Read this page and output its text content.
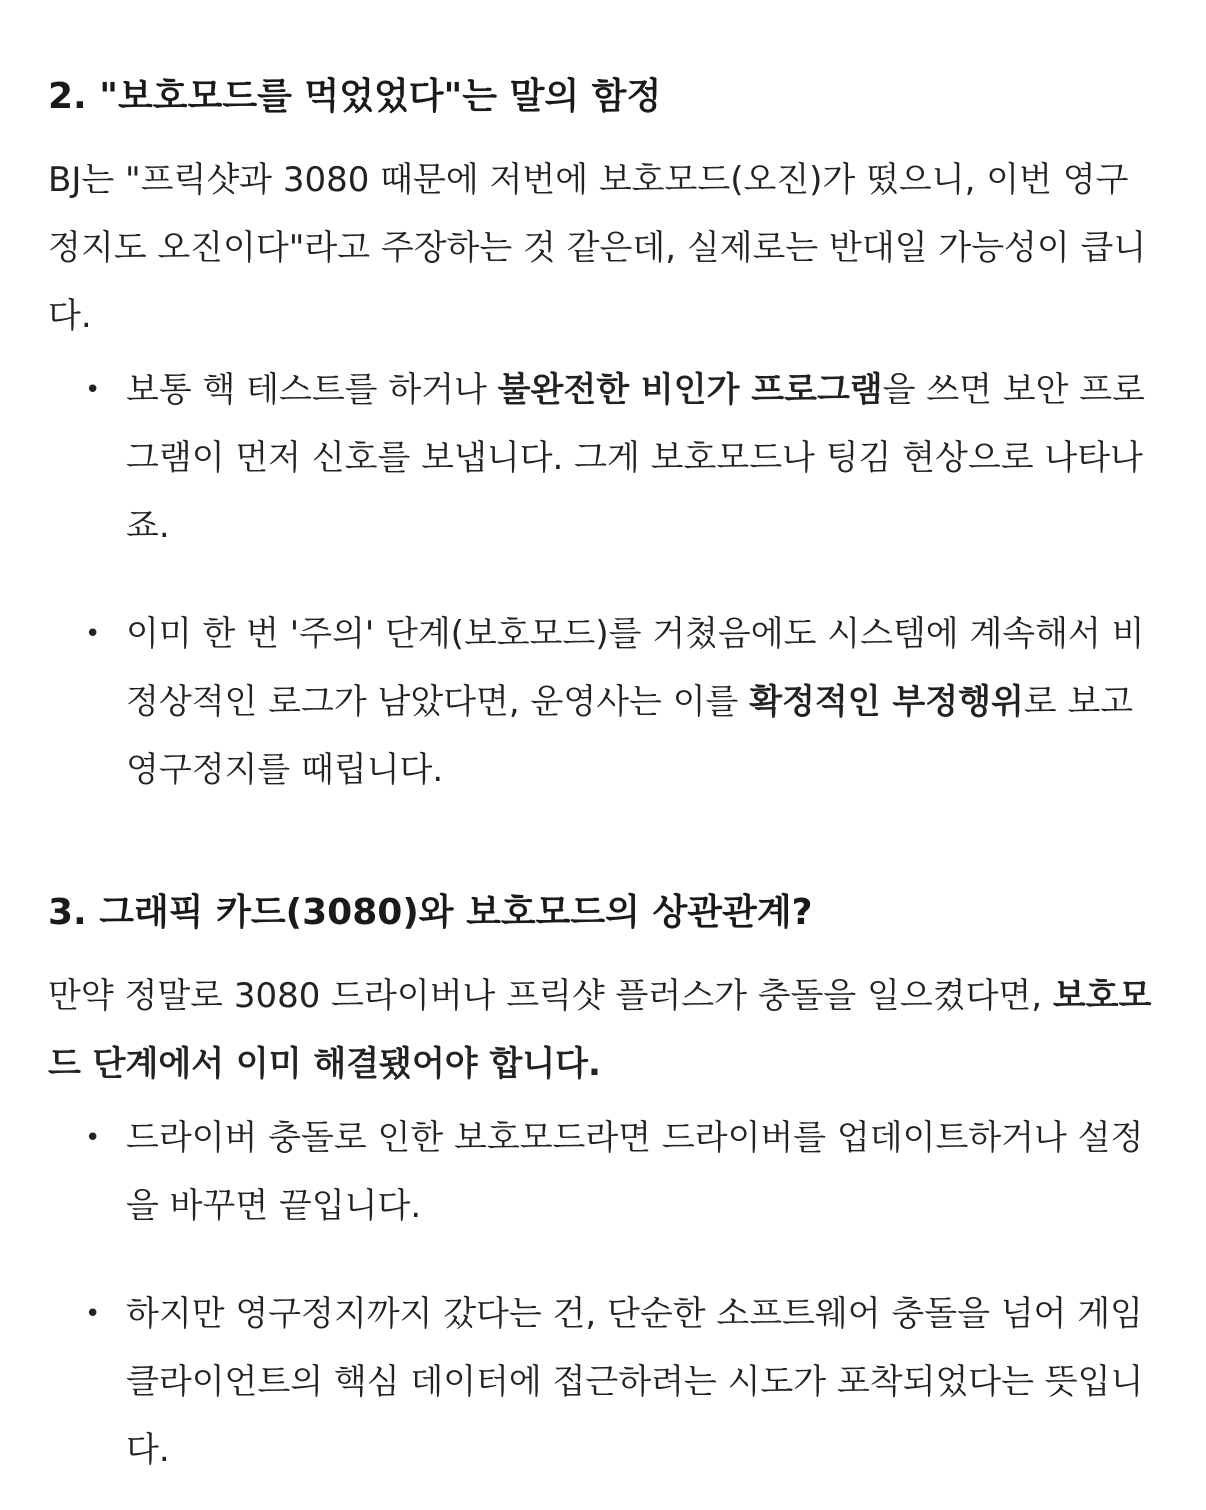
2. "보호모드를 먹었었다"는 말의 함정

BJ는 "프릭샷과 3080 때문에 저번에 보호모드(오진)가 떴으니, 이번 영구정지도 오진이다"라고 주장하는 것 같은데, 실제로는 반대일 가능성이 큽니다.

• 보통 핵 테스트를 하거나 불완전한 비인가 프로그램을 쓰면 보안 프로그램이 먼저 신호를 보냅니다. 그게 보호모드나 팅김 현상으로 나타나죠.
• 이미 한 번 '주의' 단계(보호모드)를 거쳤음에도 시스템에 계속해서 비정상적인 로그가 남았다면, 운영사는 이를 확정적인 부정행위로 보고 영구정지를 때립니다.
3. 그래픽 카드(3080)와 보호모드의 상관관계?

만약 정말로 3080 드라이버나 프릭샷 플러스가 충돌을 일으켰다면, 보호모드 단계에서 이미 해결됐어야 합니다.

• 드라이버 충돌로 인한 보호모드라면 드라이버를 업데이트하거나 설정을 바꾸면 끝입니다.
• 하지만 영구정지까지 갔다는 건, 단순한 소프트웨어 충돌을 넘어 게임 클라이언트의 핵심 데이터에 접근하려는 시도가 포착되었다는 뜻입니다.
